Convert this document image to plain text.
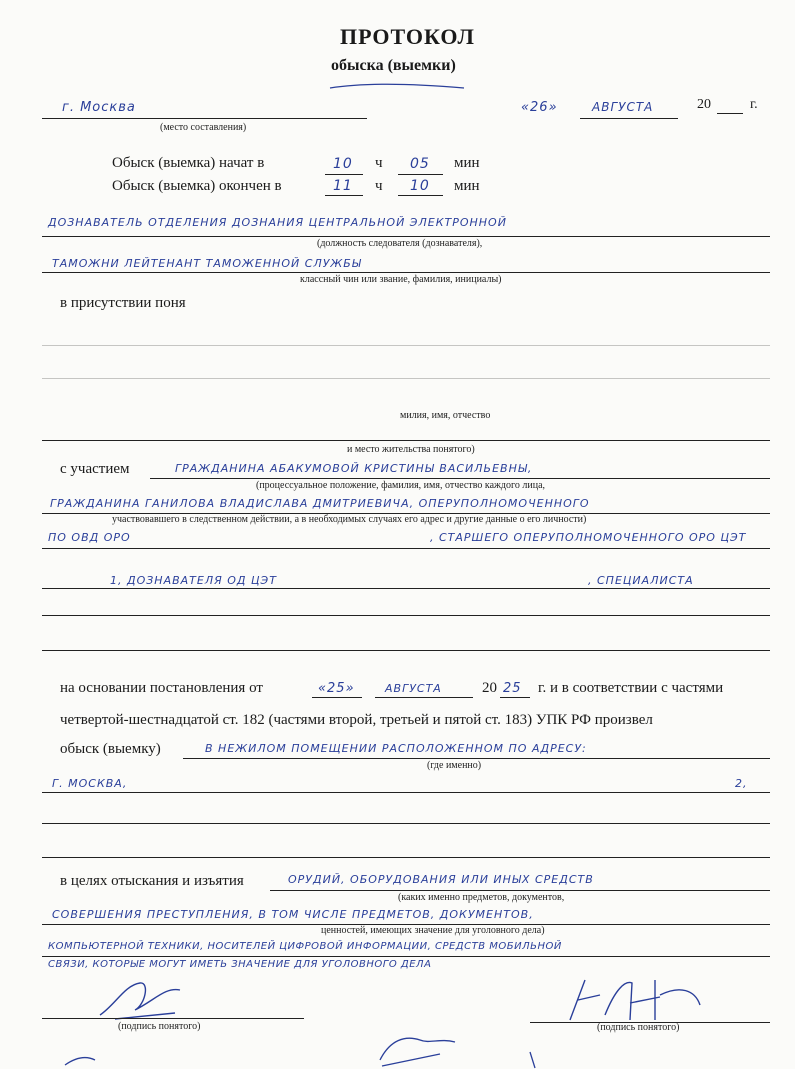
ПРОТОКОЛ
обыска (выемки)
г. Москва
(место составления)
«26»	АВГУСТА	20	г.
Обыск (выемка) начат в	10 ч 05 мин
Обыск (выемка) окончен в	11 ч 10 мин
ДОЗНАВАТЕЛЬ ОТДЕЛЕНИЯ ДОЗНАНИЯ ЦЕНТРАЛЬНОЙ ЭЛЕКТРОННОЙ
(должность следователя (дознавателя),
ТАМОЖНИ ЛЕЙТЕНАНТ ТАМОЖЕННОЙ СЛУЖБЫ
классный чин или звание, фамилия, инициалы)
в присутствии поня
милия, имя, отчество
и место жительства понятого)
с участием	ГРАЖДАНИНА АБАКУМОВОЙ КРИСТИНЫ ВАСИЛЬЕВНЫ,
(процессуальное положение, фамилия, имя, отчество каждого лица,
ГРАЖДАНИНА ГАНИЛОВА ВЛАДИСЛАВА ДМИТРИЕВИЧА, ОПЕРУПОЛНОМОЧЕННОГО
участвовавшего в следственном действии, а в необходимых случаях его адрес и другие данные о его личности)
ПО ОВД ОРО	, СТАРШЕГО ОПЕРУПОЛНОМОЧЕННОГО ОРО ЦЭТ
1, ДОЗНАВАТЕЛЯ ОД ЦЭТ	, СПЕЦИАЛИСТА
на основании постановления от	«25»	АВГУСТА	20 25 г. и в соответствии с частями
четвертой-шестнадцатой ст. 182 (частями второй, третьей и пятой ст. 183) УПК РФ произвел
обыск (выемку)	В НЕЖИЛОМ ПОМЕЩЕНИИ РАСПОЛОЖЕННОМ ПО АДРЕСУ:
(где именно)
Г. МОСКВА,	2,
в целях отыскания и изъятия	ОРУДИЙ, ОБОРУДОВАНИЯ ИЛИ ИНЫХ СРЕДСТВ
(каких именно предметов, документов,
СОВЕРШЕНИЯ ПРЕСТУПЛЕНИЯ, В ТОМ ЧИСЛЕ ПРЕДМЕТОВ, ДОКУМЕНТОВ,
ценностей, имеющих значение для уголовного дела)
КОМПЬЮТЕРНОЙ ТЕХНИКИ, НОСИТЕЛЕЙ ЦИФРОВОЙ ИНФОРМАЦИИ, СРЕДСТВ МОБИЛЬНОЙ
СВЯЗИ, КОТОРЫЕ МОГУТ ИМЕТЬ ЗНАЧЕНИЕ ДЛЯ УГОЛОВНОГО ДЕЛА
(подпись понятого)	(подпись понятого)
